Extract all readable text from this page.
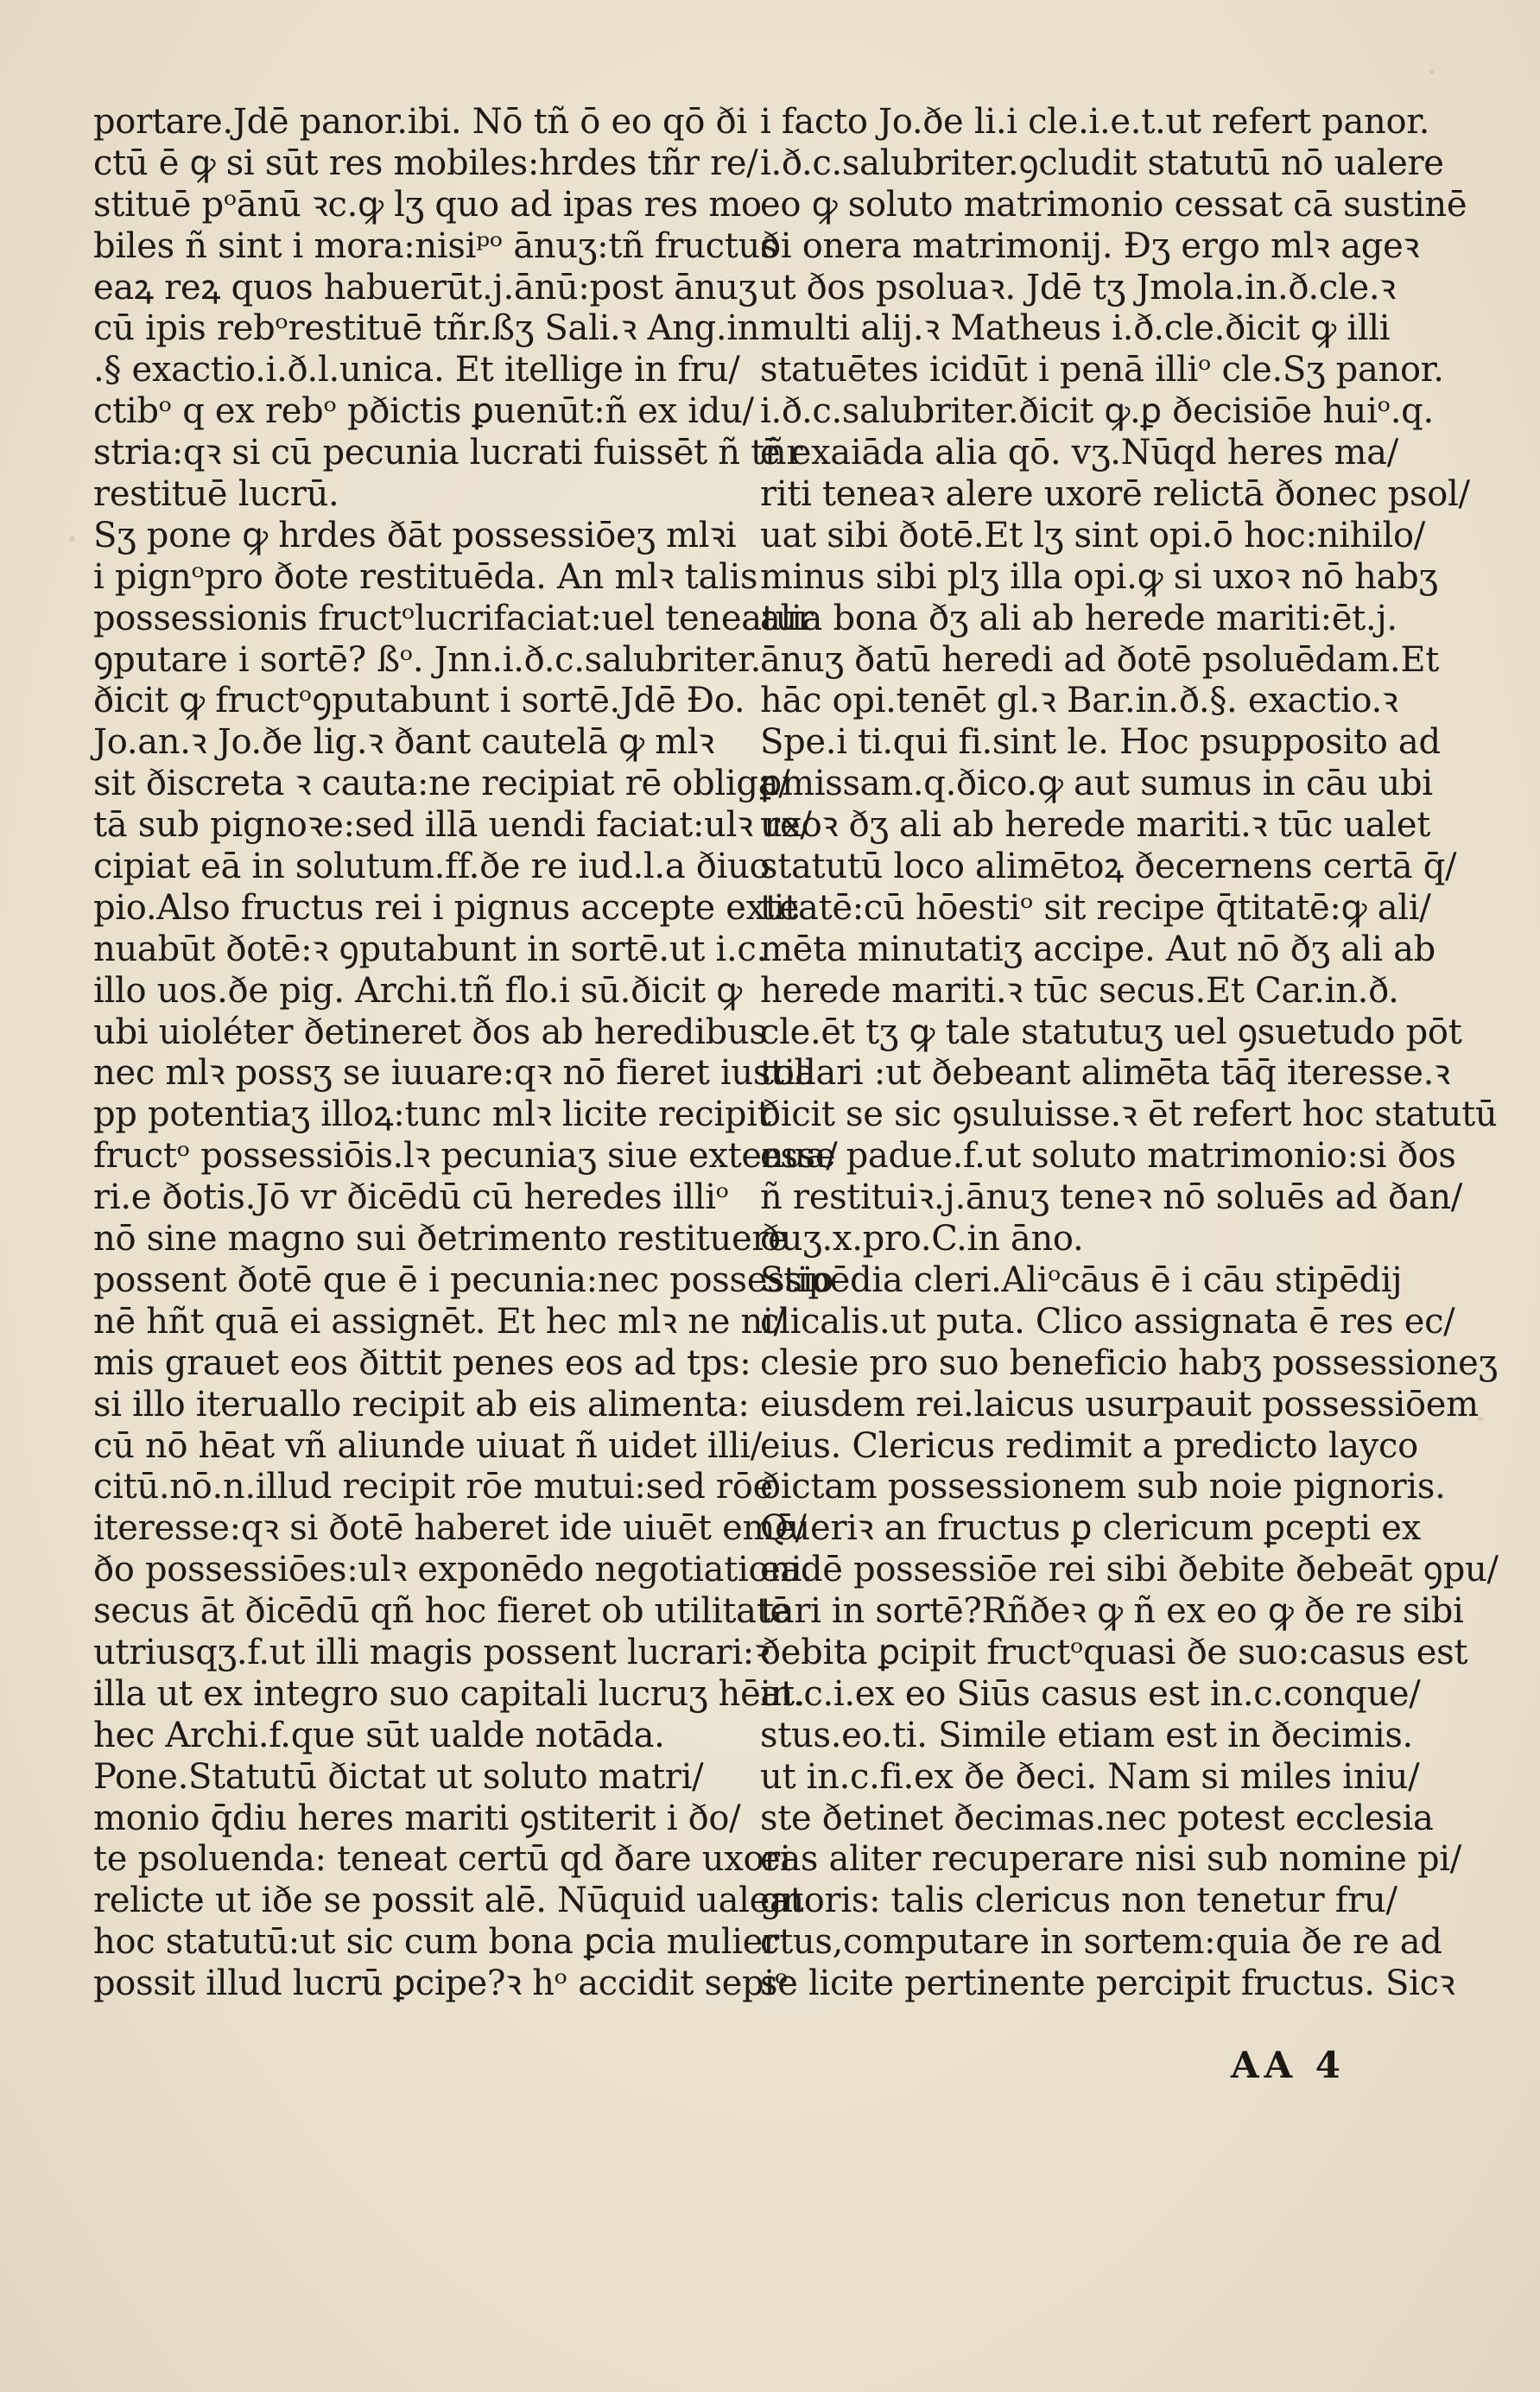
portare.Jdē panor.ibi. Nō tñ ō eo qō ði
ctū ē ꝙ si sūt res mobiles:hrdes tñr re/
stituē pᵒānū ꝛc.ꝙ lʒ quo ad ipas res mo
biles ñ sint i mora:nisiᵖᵒ ānuʒ:tñ fructus
eaꝝ reꝝ quos habuerūt.j.ānū:post ānuʒ
cū ipis rebᵒrestituē tñr.ßʒ Sali.ꝛ Ang.in
.§ exactio.i.ð.l.unica. Et itellige in fru/
ctibᵒ q ex rebᵒ pðictis ꝑuenūt:ñ ex idu/
stria:qꝛ si cū pecunia lucrati fuissēt ñ tñr
restituē lucrū.
Sʒ pone ꝙ hrdes ðāt possessiōeʒ mlꝛi
i pignᵒpro ðote restituēda. An mlꝛ talis
possessionis fructᵒlucrifaciat:uel teneatur
ꝯputare i sortē? ßᵒ. Jnn.i.ð.c.salubriter.
ðicit ꝙ fructᵒꝯputabunt i sortē.Jdē Ðo.
Jo.an.ꝛ Jo.ðe lig.ꝛ ðant cautelā ꝙ mlꝛ
sit ðiscreta ꝛ cauta:ne recipiat rē obliga/
tā sub pignoꝛe:sed illā uendi faciat:ulꝛ re/
cipiat eā in solutum.ff.ðe re iud.l.a ðiuo
pio.Also fructus rei i pignus accepte exte
nuabūt ðotē:ꝛ ꝯputabunt in sortē.ut i.c.
illo uos.ðe pig. Archi.tñ flo.i sū.ðicit ꝙ
ubi uioléter ðetineret ðos ab heredibus
nec mlꝛ possʒ se iuuare:qꝛ nō fieret iustia
pp potentiaʒ illoꝝ:tunc mlꝛ licite recipit
fructᵒ possessiōis.lꝛ pecuniaʒ siue extenua/
ri.e ðotis.Jō vr ðicēdū cū heredes illiᵒ
nō sine magno sui ðetrimento restituere
possent ðotē que ē i pecunia:nec possessio
nē hñt quā ei assignēt. Et hec mlꝛ ne ni/
mis grauet eos ðittit penes eos ad tps:
si illo iteruallo recipit ab eis alimenta:
cū nō hēat vñ aliunde uiuat ñ uidet illi/
citū.nō.n.illud recipit rōe mutui:sed rōe
iteresse:qꝛ si ðotē haberet ide uiuēt emē/
ðo possessiōes:ulꝛ exponēdo negotiationi.
secus āt ðicēdū qñ hoc fieret ob utilitatē
utriusqʒ.f.ut illi magis possent lucrari:ꝛ
illa ut ex integro suo capitali lucruʒ hēat.
hec Archi.f.que sūt ualde notāda.
Pone.Statutū ðictat ut soluto matri/
monio q̄diu heres mariti ꝯstiterit i ðo/
te psoluenda: teneat certū qd ðare uxori
relicte ut iðe se possit alē. Nūquid ualeat
hoc statutū:ut sic cum bona ꝑcia mulier
possit illud lucrū ꝑcipe?ꝛ hᵒ accidit sepiᵒ
i facto Jo.ðe li.i cle.i.e.t.ut refert panor.
i.ð.c.salubriter.ꝯcludit statutū nō ualere
eo ꝙ soluto matrimonio cessat cā sustinē
ði onera matrimonij. Ðʒ ergo mlꝛ ageꝛ
ut ðos psoluaꝛ. Jdē tʒ Jmola.in.ð.cle.ꝛ
multi alij.ꝛ Matheus i.ð.cle.ðicit ꝙ illi
statuētes icidūt i penā illiᵒ cle.Sʒ panor.
i.ð.c.salubriter.ðicit ꝙ.ꝑ ðecisiōe huiᵒ.q.
ē exaiāda alia qō. vʒ.Nūqd heres ma/
riti teneaꝛ alere uxorē relictā ðonec psol/
uat sibi ðotē.Et lʒ sint opi.ō hoc:nihilo/
minus sibi plʒ illa opi.ꝙ si uxoꝛ nō habʒ
alia bona ðʒ ali ab herede mariti:ēt.j.
ānuʒ ðatū heredi ad ðotē psoluēdam.Et
hāc opi.tenēt gl.ꝛ Bar.in.ð.§. exactio.ꝛ
Spe.i ti.qui fi.sint le. Hoc psupposito ad
ꝑmissam.q.ðico.ꝙ aut sumus in cāu ubi
uxoꝛ ðʒ ali ab herede mariti.ꝛ tūc ualet
statutū loco alimētoꝝ ðecernens certā q̄/
titatē:cū hōestiᵒ sit recipe q̄titatē:ꝙ ali/
mēta minutatiʒ accipe. Aut nō ðʒ ali ab
herede mariti.ꝛ tūc secus.Et Car.in.ð.
cle.ēt tʒ ꝙ tale statutuʒ uel ꝯsuetudo pōt
tollari :ut ðebeant alimēta tāq̄ iteresse.ꝛ
ðicit se sic ꝯsuluisse.ꝛ ēt refert hoc statutū
esse padue.f.ut soluto matrimonio:si ðos
ñ restituiꝛ.j.ānuʒ teneꝛ nō soluēs ad ðan/
ðuʒ.x.pro.C.in āno.
Stipēdia cleri.Aliᵒcāus ē i cāu stipēdij
clicalis.ut puta. Clico assignata ē res ec/
clesie pro suo beneficio habʒ possessioneʒ
eiusdem rei.laicus usurpauit possessiōem
eius. Clericus redimit a predicto layco
ðictam possessionem sub noie pignoris.
Queriꝛ an fructus ꝑ clericum ꝑcepti ex
eadē possessiōe rei sibi ðebite ðebeāt ꝯpu/
tari in sortē?Rñðeꝛ ꝙ ñ ex eo ꝙ ðe re sibi
ðebita ꝑcipit fructᵒquasi ðe suo:casus est
in.c.i.ex eo Siūs casus est in.c.conque/
stus.eo.ti. Simile etiam est in ðecimis.
ut in.c.fi.ex ðe ðeci. Nam si miles iniu/
ste ðetinet ðecimas.nec potest ecclesia
eas aliter recuperare nisi sub nomine pi/
gnoris: talis clericus non tenetur fru/
ctus,computare in sortem:quia ðe re ad
se licite pertinente percipit fructus. Sicꝛ
AA 4
